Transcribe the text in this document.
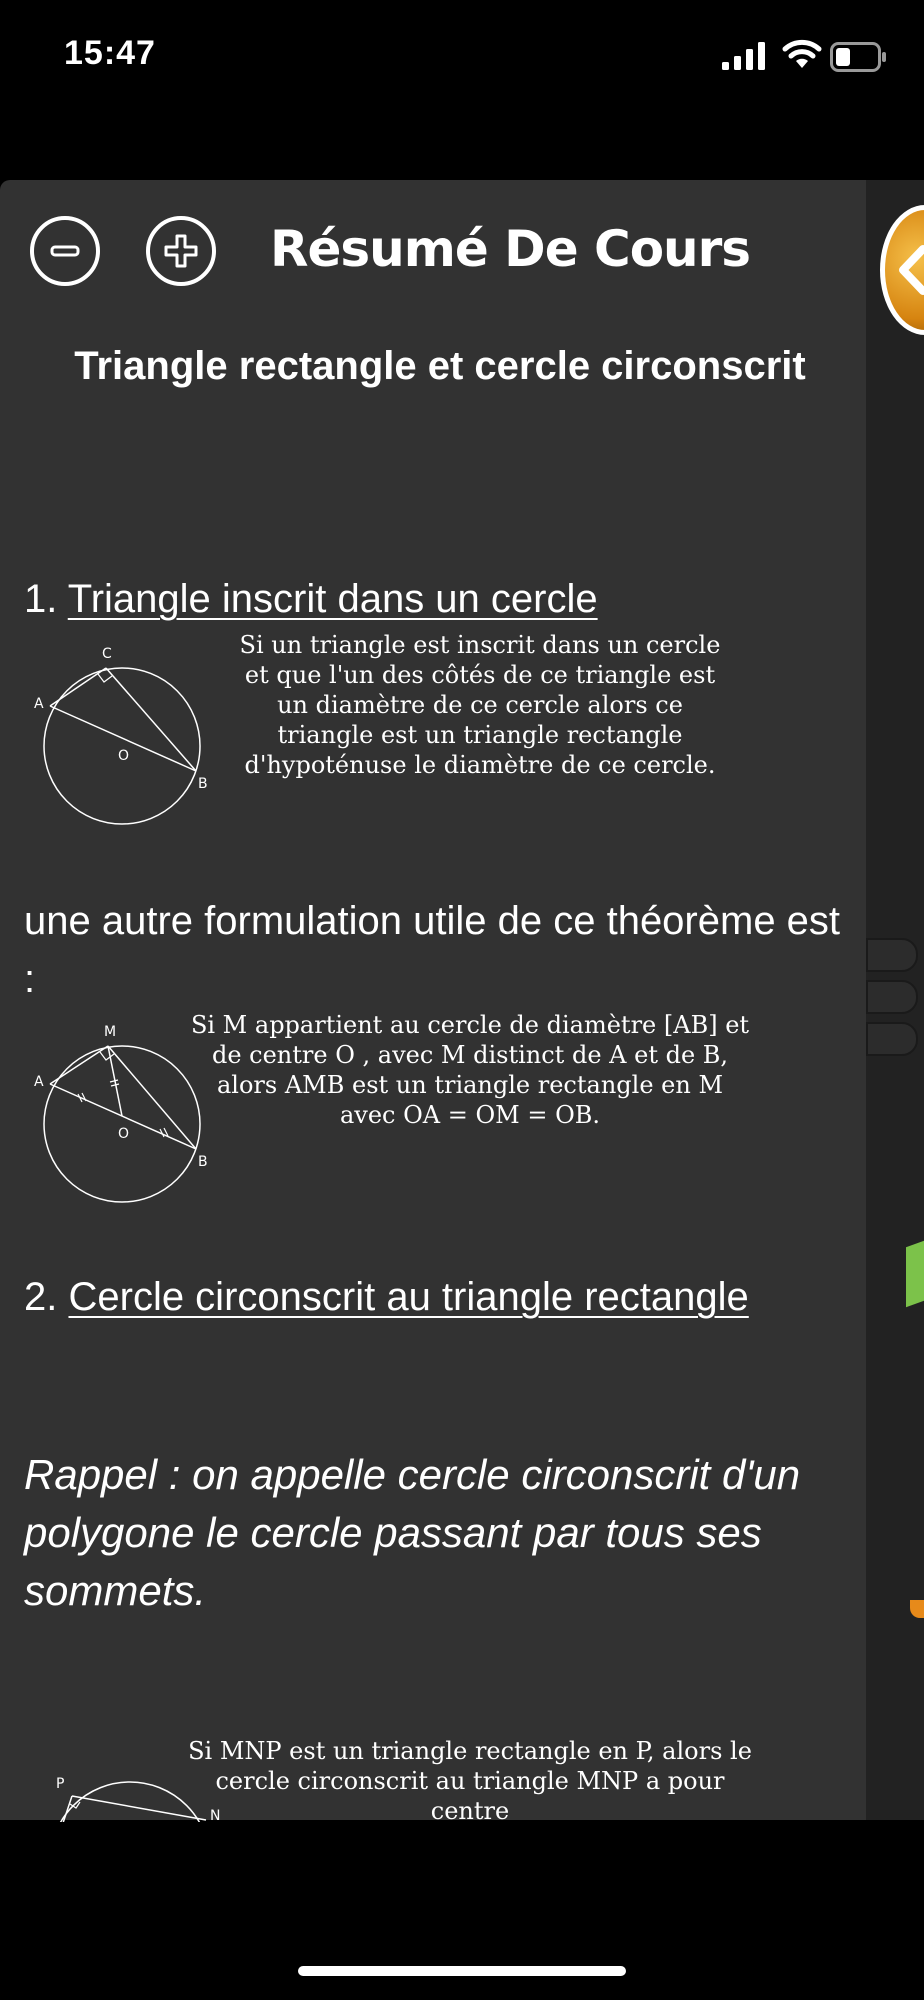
15:47
Résumé De Cours
Triangle rectangle et cercle circonscrit
1. Triangle inscrit dans un cercle
A
C
O
B
Si un triangle est inscrit dans un cercle et que l'un des côtés de ce triangle est un diamètre de ce cercle alors ce triangle est un triangle rectangle d'hypoténuse le diamètre de ce cercle.
une autre formulation utile de ce théorème est :
A
M
O
B
Si M appartient au cercle de diamètre [AB] et de centre O , avec M distinct de A et de B, alors AMB est un triangle rectangle en M avec OA = OM = OB.
2. Cercle circonscrit au triangle rectangle
Rappel : on appelle cercle circonscrit d'un polygone le cercle passant par tous ses sommets.
P
N
Si MNP est un triangle rectangle en P, alors le cercle circonscrit au triangle MNP a pour centre
